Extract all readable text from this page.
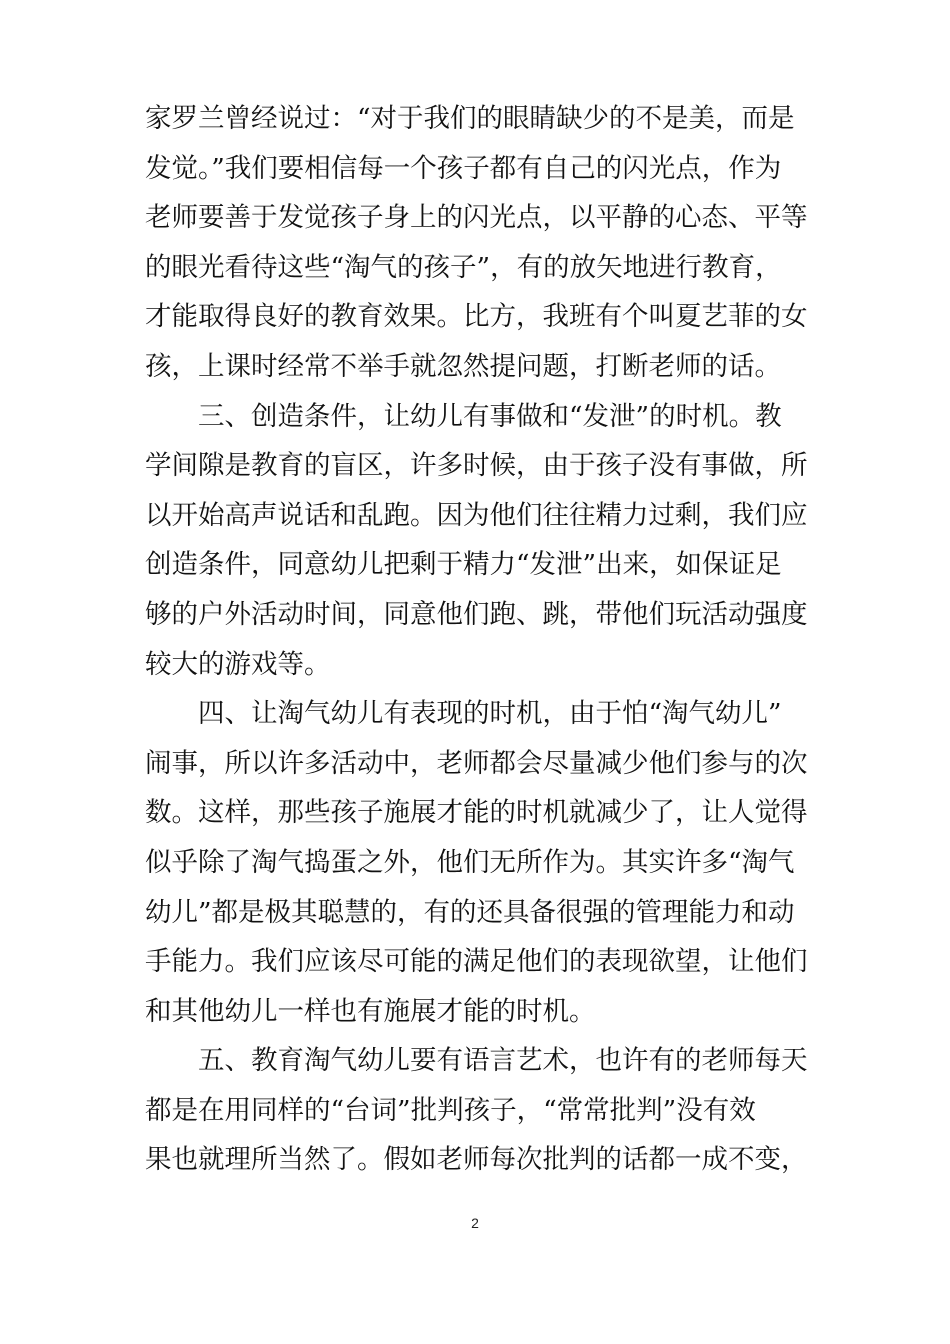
家罗兰曾经说过：“对于我们的眼睛缺少的不是美，而是

发觉。”我们要相信每一个孩子都有自己的闪光点，作为

老师要善于发觉孩子身上的闪光点，以平静的心态、平等

的眼光看待这些“淘气的孩子”，有的放矢地进行教育，

才能取得良好的教育效果。比方，我班有个叫夏艺菲的女

孩，上课时经常不举手就忽然提问题，打断老师的话。

三、创造条件，让幼儿有事做和“发泄”的时机。教

学间隙是教育的盲区，许多时候，由于孩子没有事做，所

以开始高声说话和乱跑。因为他们往往精力过剩，我们应

创造条件，同意幼儿把剩于精力“发泄”出来，如保证足

够的户外活动时间，同意他们跑、跳，带他们玩活动强度

较大的游戏等。

四、让淘气幼儿有表现的时机，由于怕“淘气幼儿”

闹事，所以许多活动中，老师都会尽量减少他们参与的次

数。这样，那些孩子施展才能的时机就减少了，让人觉得

似乎除了淘气捣蛋之外，他们无所作为。其实许多“淘气

幼儿”都是极其聪慧的，有的还具备很强的管理能力和动

手能力。我们应该尽可能的满足他们的表现欲望，让他们

和其他幼儿一样也有施展才能的时机。

五、教育淘气幼儿要有语言艺术，也许有的老师每天

都是在用同样的“台词”批判孩子，“常常批判”没有效

果也就理所当然了。假如老师每次批判的话都一成不变，

2
